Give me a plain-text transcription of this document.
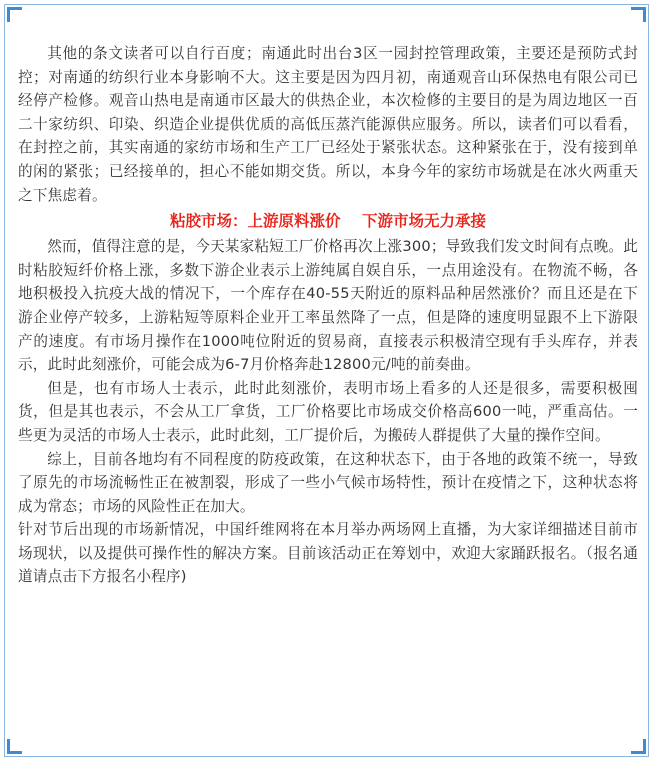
其他的条文读者可以自行百度；南通此时出台3区一园封控管理政策，主要还是预防式封控；对南通的纺织行业本身影响不大。这主要是因为四月初，南通观音山环保热电有限公司已经停产检修。观音山热电是南通市区最大的供热企业，本次检修的主要目的是为周边地区一百二十家纺织、印染、织造企业提供优质的高低压蒸汽能源供应服务。所以，读者们可以看看，在封控之前，其实南通的家纺市场和生产工厂已经处于紧张状态。这种紧张在于，没有接到单的闲的紧张；已经接单的，担心不能如期交货。所以，本身今年的家纺市场就是在冰火两重天之下焦虑着。

粘胶市场：上游原料涨价    下游市场无力承接

然而，值得注意的是，今天某家粘短工厂价格再次上涨300；导致我们发文时间有点晚。此时粘胶短纤价格上涨，多数下游企业表示上游纯属自娱自乐，一点用途没有。在物流不畅，各地积极投入抗疫大战的情况下，一个库存在40-55天附近的原料品种居然涨价？而且还是在下游企业停产较多，上游粘短等原料企业开工率虽然降了一点，但是降的速度明显跟不上下游限产的速度。有市场月操作在1000吨位附近的贸易商，直接表示积极清空现有手头库存，并表示，此时此刻涨价，可能会成为6-7月价格奔赴12800元/吨的前奏曲。

但是，也有市场人士表示，此时此刻涨价，表明市场上看多的人还是很多，需要积极囤货，但是其也表示，不会从工厂拿货，工厂价格要比市场成交价格高600一吨，严重高估。一些更为灵活的市场人士表示，此时此刻，工厂提价后，为搬砖人群提供了大量的操作空间。

综上，目前各地均有不同程度的防疫政策，在这种状态下，由于各地的政策不统一，导致了原先的市场流畅性正在被割裂，形成了一些小气候市场特性，预计在疫情之下，这种状态将成为常态；市场的风险性正在加大。

针对节后出现的市场新情况，中国纤维网将在本月举办两场网上直播，为大家详细描述目前市场现状，以及提供可操作性的解决方案。目前该活动正在筹划中，欢迎大家踊跃报名。（报名通道请点击下方报名小程序)
